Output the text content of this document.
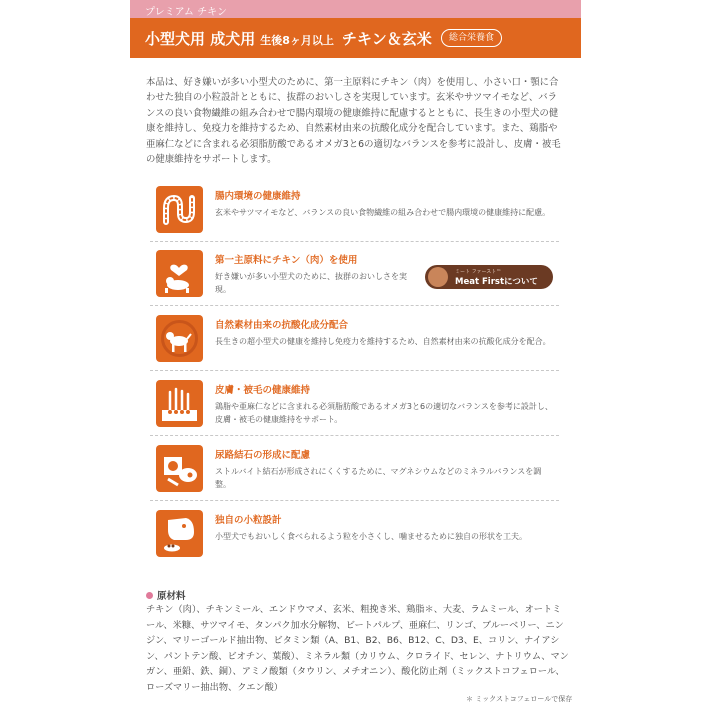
プレミアム チキン
小型犬用 成犬用 生後8ヶ月以上 チキン＆玄米	総合栄養食

本品は、好き嫌いが多い小型犬のために、第一主原料にチキン（肉）を使用し、小さい口・顎に合わせた独自の小粒設計とともに、抜群のおいしさを実現しています。玄米やサツマイモなど、バランスの良い食物繊維の組み合わせで腸内環境の健康維持に配慮するとともに、長生きの小型犬の健康を維持し、免疫力を維持するため、自然素材由来の抗酸化成分を配合しています。また、鶏脂や亜麻仁などに含まれる必須脂肪酸であるオメガ3と6の適切なバランスを参考に設計し、皮膚・被毛の健康維持をサポートします。

腸内環境の健康維持
玄米やサツマイモなど、バランスの良い食物繊維の組み合わせで腸内環境の健康維持に配慮。
第一主原料にチキン（肉）を使用
好き嫌いが多い小型犬のために、抜群のおいしさを実現。
ミート ファースト™
Meat Firstについて
自然素材由来の抗酸化成分配合
長生きの超小型犬の健康を維持し免疫力を維持するため、自然素材由来の抗酸化成分を配合。
皮膚・被毛の健康維持
鶏脂や亜麻仁などに含まれる必須脂肪酸であるオメガ3と6の適切なバランスを参考に設計し、皮膚・被毛の健康維持をサポート。
尿路結石の形成に配慮
ストルバイト結石が形成されにくくするために、マグネシウムなどのミネラルバランスを調整。
独自の小粒設計
小型犬でもおいしく食べられるよう粒を小さくし、噛ませるために独自の形状を工夫。
原材料

チキン（肉）、チキンミール、エンドウマメ、玄米、粗挽き米、鶏脂＊、大麦、ラムミール、オートミール、米糠、サツマイモ、タンパク加水分解物、ビートパルプ、亜麻仁、リンゴ、ブルーベリー、ニンジン、マリーゴールド抽出物、ビタミン類（A、B1、B2、B6、B12、C、D3、E、コリン、ナイアシン、パントテン酸、ビオチン、葉酸）、ミネラル類（カリウム、クロライド、セレン、ナトリウム、マンガン、亜鉛、鉄、銅）、アミノ酸類（タウリン、メチオニン）、酸化防止剤（ミックストコフェロール、ローズマリー抽出物、クエン酸）

＊ ミックストコフェロールで保存
